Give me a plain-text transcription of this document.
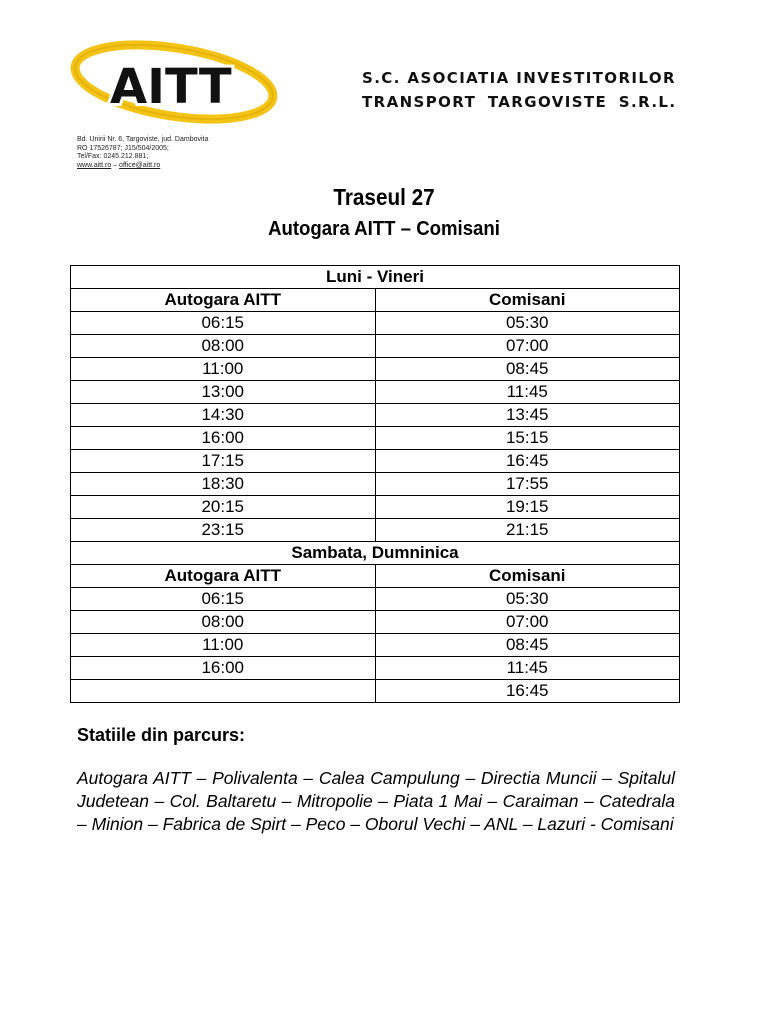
AITT	S.C. ASOCIATIA INVESTITORILOR
TRANSPORT TARGOVISTE S.R.L.
Bd. Unirii Nr. 6, Targoviste, jud. Dambovita
RO 17526787; J15/504/2005;
Tel/Fax: 0245.212.881;
www.aitt.ro – office@aitt.ro
Traseul 27
Autogara AITT – Comisani
Luni - Vineri	
Autogara AITT	Comisani
06:15	05:30
08:00	07:00
11:00	08:45
13:00	11:45
14:30	13:45
16:00	15:15
17:15	16:45
18:30	17:55
20:15	19:15
23:15	21:15
Sambata, Dumninica	
Autogara AITT	Comisani
06:15	05:30
08:00	07:00
11:00	08:45
16:00	11:45
	16:45
Statiile din parcurs:
Autogara AITT – Polivalenta – Calea Campulung – Directia Muncii – Spitalul Judetean – Col. Baltaretu – Mitropolie – Piata 1 Mai – Caraiman – Catedrala – Minion – Fabrica de Spirt – Peco – Oborul Vechi – ANL – Lazuri - Comisani
